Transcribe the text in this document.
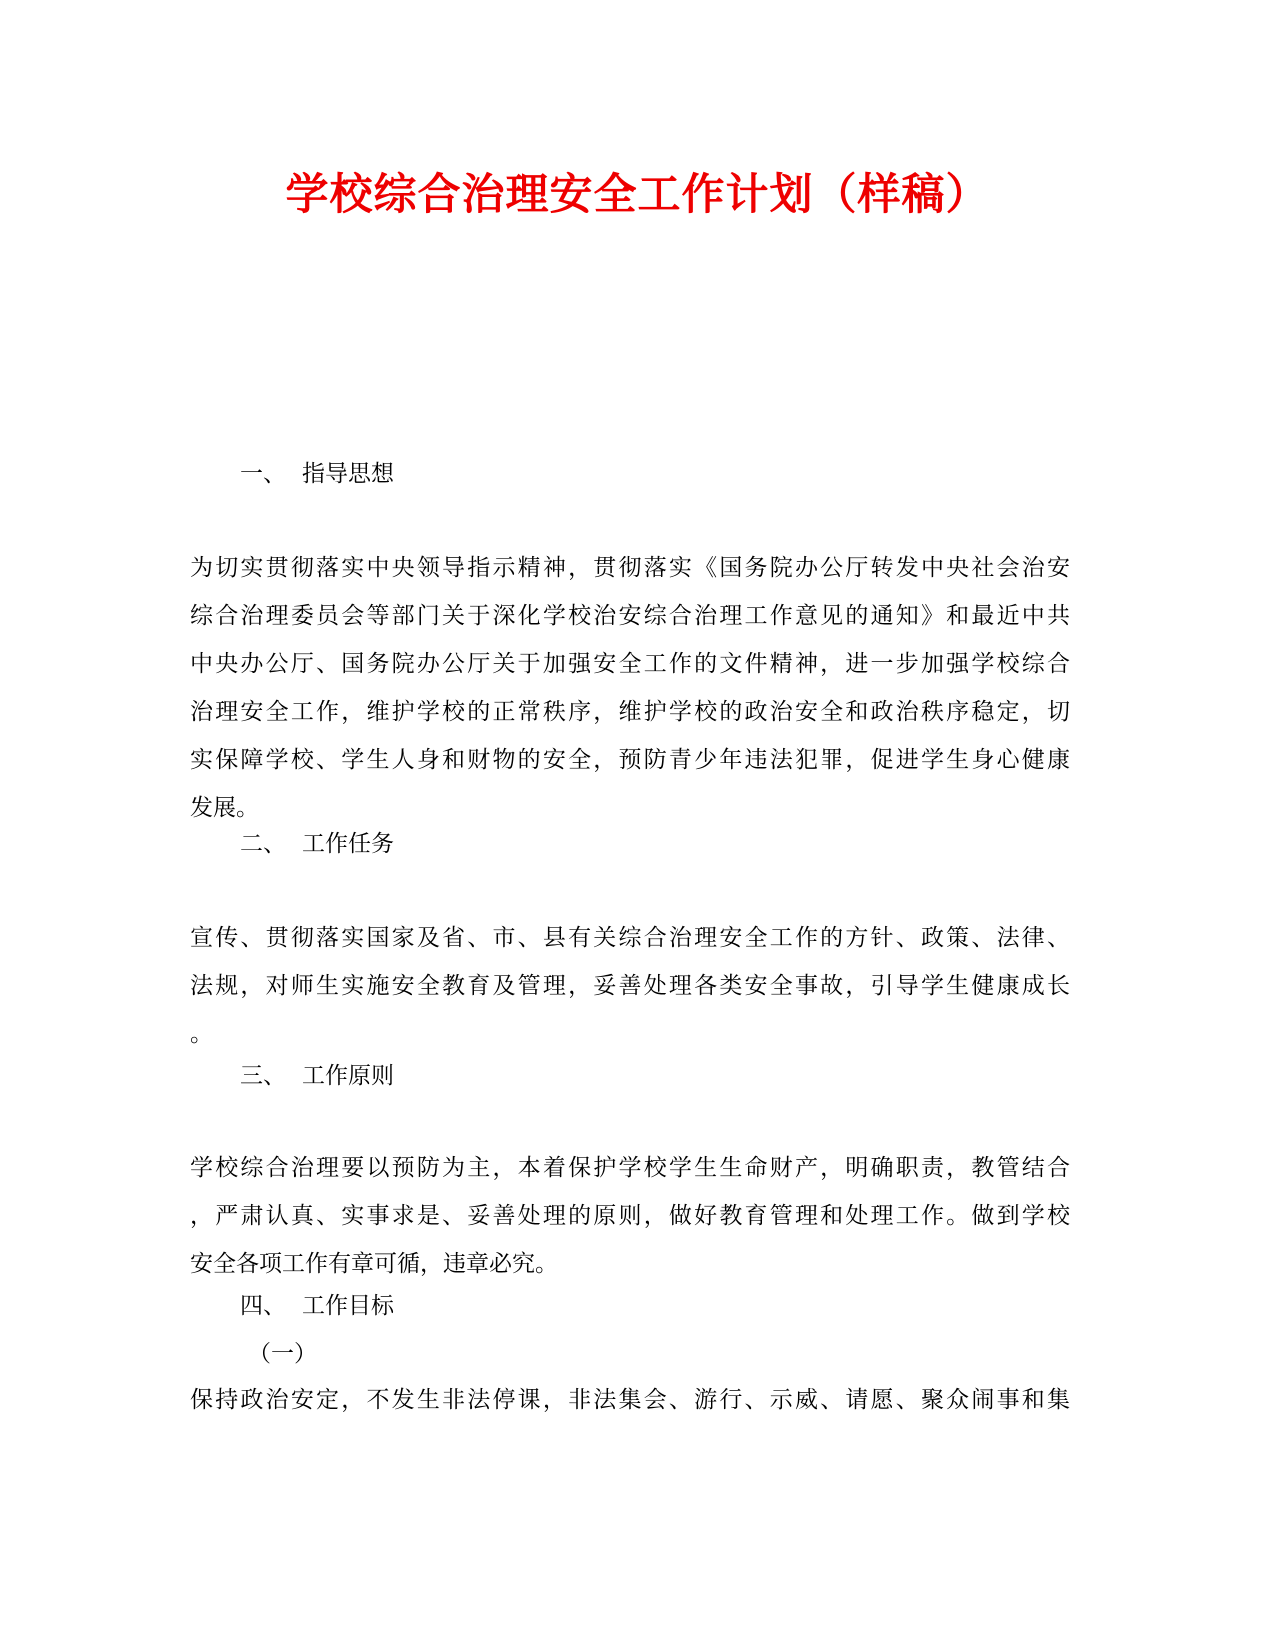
学校综合治理安全工作计划（样稿）
一、 指导思想
为切实贯彻落实中央领导指示精神，贯彻落实《国务院办公厅转发中央社会治安
综合治理委员会等部门关于深化学校治安综合治理工作意见的通知》和最近中共
中央办公厅、国务院办公厅关于加强安全工作的文件精神，进一步加强学校综合
治理安全工作，维护学校的正常秩序，维护学校的政治安全和政治秩序稳定，切
实保障学校、学生人身和财物的安全，预防青少年违法犯罪，促进学生身心健康
发展。
二、 工作任务
宣传、贯彻落实国家及省、市、县有关综合治理安全工作的方针、政策、法律、
法规，对师生实施安全教育及管理，妥善处理各类安全事故，引导学生健康成长
。
三、 工作原则
学校综合治理要以预防为主，本着保护学校学生生命财产，明确职责，教管结合
，严肃认真、实事求是、妥善处理的原则，做好教育管理和处理工作。做到学校
安全各项工作有章可循，违章必究。
四、 工作目标
（一）
保持政治安定，不发生非法停课，非法集会、游行、示威、请愿、聚众闹事和集
